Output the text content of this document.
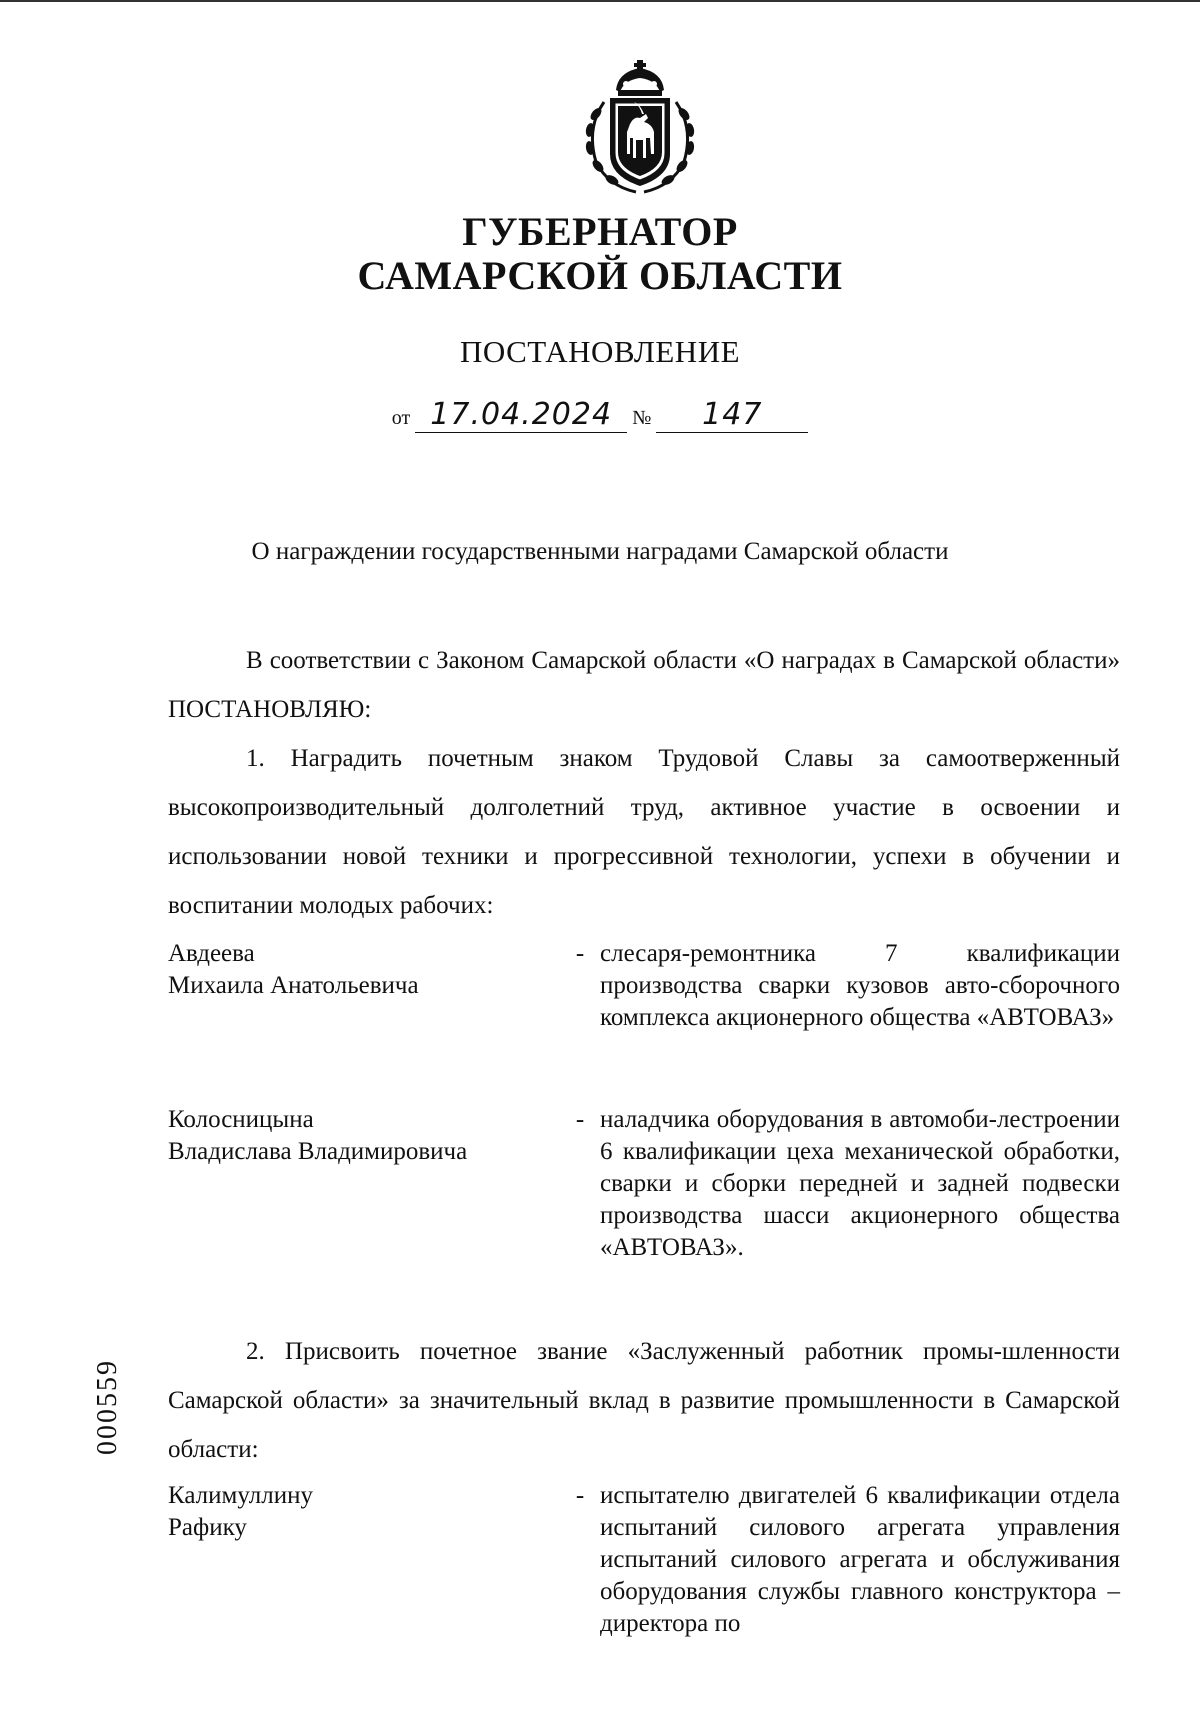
ГУБЕРНАТОР
САМАРСКОЙ ОБЛАСТИ
ПОСТАНОВЛЕНИЕ
от 17.04.2024 № 147
О награждении государственными наградами Самарской области

В соответствии с Законом Самарской области «О наградах в Самарской области» ПОСТАНОВЛЯЮ:

1. Наградить почетным знаком Трудовой Славы за самоотверженный высокопроизводительный долголетний труд, активное участие в освоении и использовании новой техники и прогрессивной технологии, успехи в обучении и воспитании молодых рабочих:

Авдеева
Михаила Анатольевича
- слесаря-ремонтника 7 квалификации производства сварки кузовов авто-сборочного комплекса акционерного общества «АВТОВАЗ»
Колосницына
Владислава Владимировича
- наладчика оборудования в автомоби-лестроении 6 квалификации цеха механической обработки, сварки и сборки передней и задней подвески производства шасси акционерного общества «АВТОВАЗ».

2. Присвоить почетное звание «Заслуженный работник промы-шленности Самарской области» за значительный вклад в развитие промышленности в Самарской области:

Калимуллину
Рафику
- испытателю двигателей 6 квалификации отдела испытаний силового агрегата управления испытаний силового агрегата и обслуживания оборудования службы главного конструктора – директора по
000559
